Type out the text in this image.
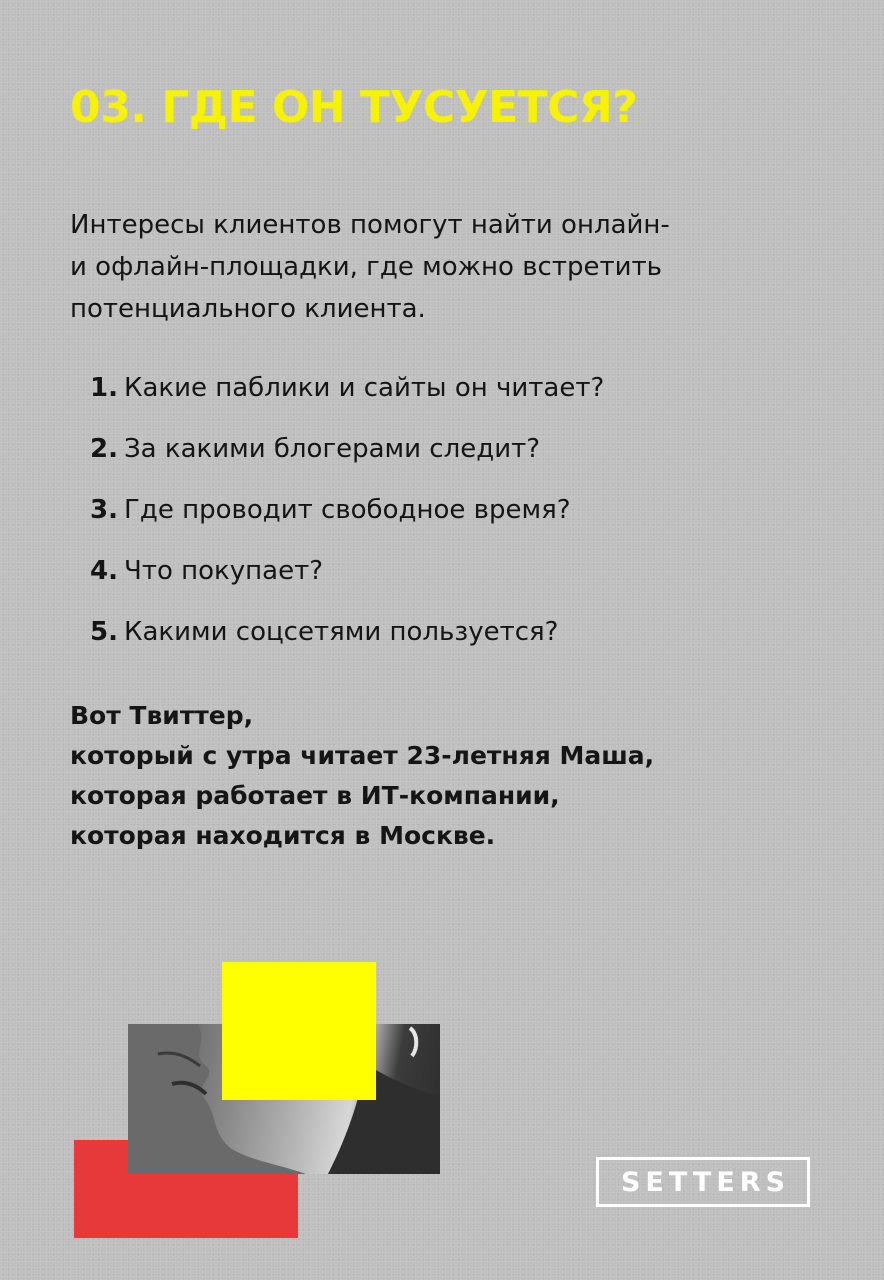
03. ГДЕ ОН ТУСУЕТСЯ?

Интересы клиентов помогут найти онлайн-
и офлайн-площадки, где можно встретить
потенциального клиента.

1. Какие паблики и сайты он читает?
2. За какими блогерами следит?
3. Где проводит свободное время?
4. Что покупает?
5. Какими соцсетями пользуется?

Вот Твиттер,
который с утра читает 23-летняя Маша,
которая работает в ИТ-компании,
которая находится в Москве.

SETTERS
